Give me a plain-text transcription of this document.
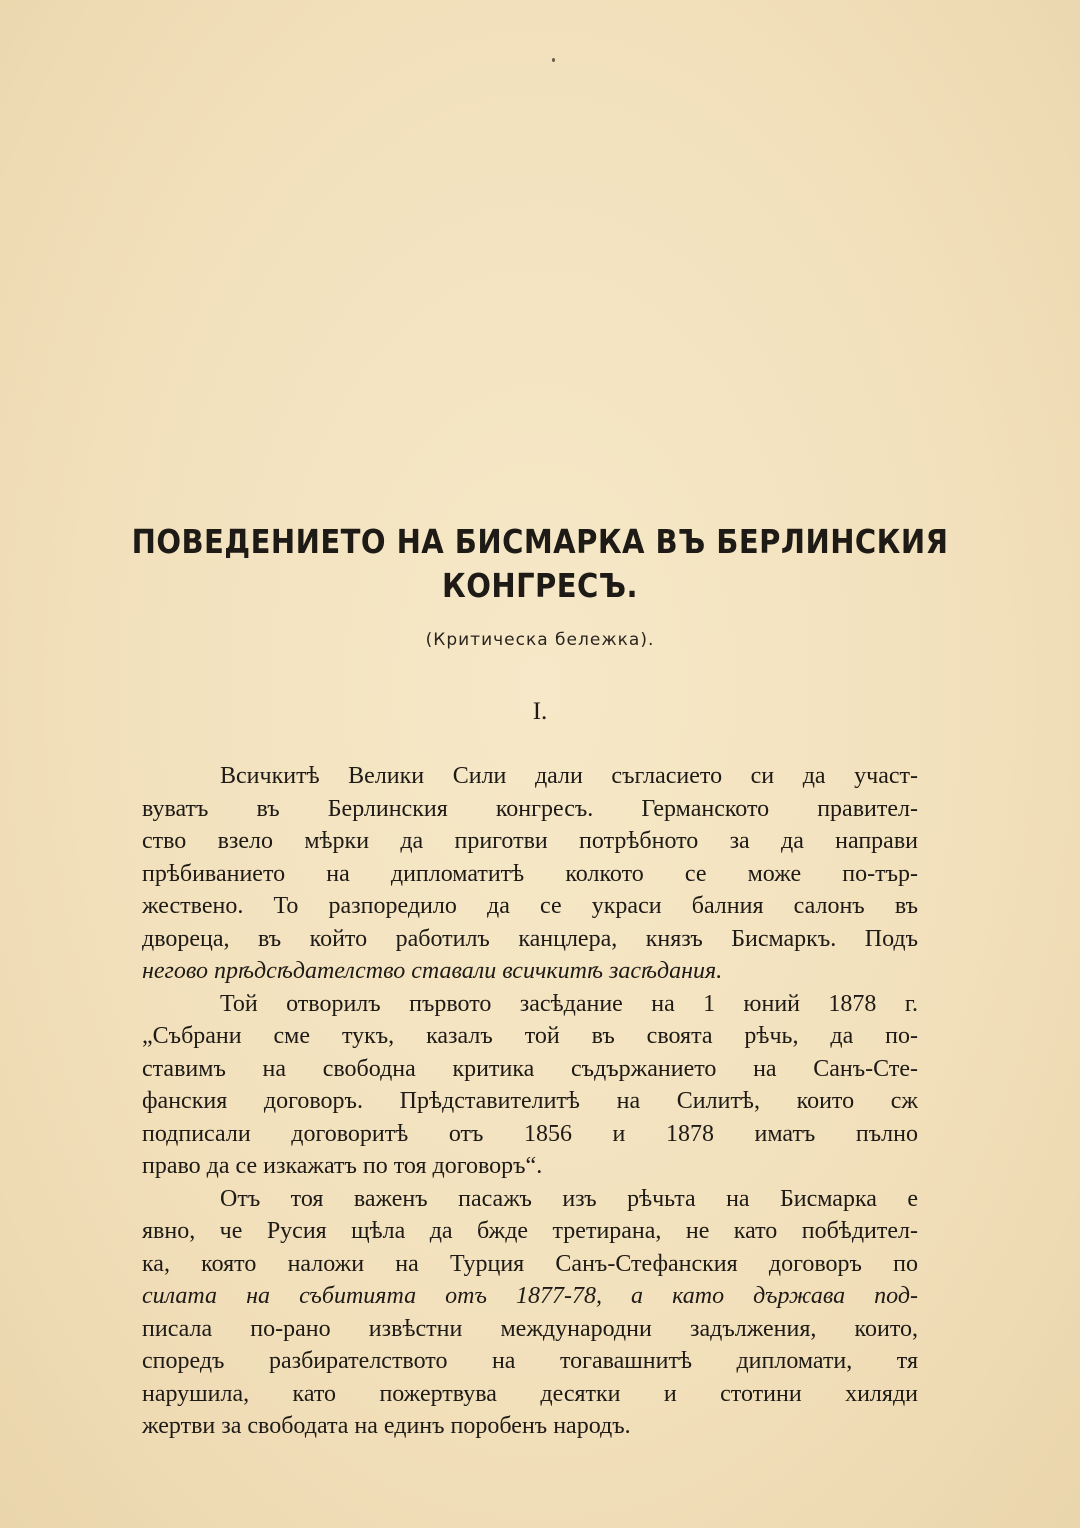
ПОВЕДЕНИЕТО НА БИСМАРКА ВЪ БЕРЛИНСКИЯ
КОНГРЕСЪ.
(Критическа бележка).
I.
Всичкитѣ Велики Сили дали съгласието си да участ-
вуватъ въ Берлинския конгресъ. Германското правител-
ство взело мѣрки да приготви потрѣбното за да направи
прѣбиванието на дипломатитѣ колкото се може по-тър-
жествено. То разпоредило да се украси балния салонъ въ
двореца, въ който работилъ канцлера, князъ Бисмаркъ. Подъ
негово прѣдсѣдателство ставали всичкитѣ засѣдания.
Той отворилъ първото засѣдание на 1 юний 1878 г.
„Събрани сме тукъ, казалъ той въ своята рѣчь, да по-
ставимъ на свободна критика съдържанието на Санъ-Сте-
фанския договоръ. Прѣдставителитѣ на Силитѣ, които сж
подписали договоритѣ отъ 1856 и 1878 иматъ пълно
право да се изкажатъ по тоя договоръ“.
Отъ тоя важенъ пасажъ изъ рѣчьта на Бисмарка е
явно, че Русия щѣла да бжде третирана, не като побѣдител-
ка, която наложи на Турция Санъ-Стефанския договоръ по
силата на събитията отъ 1877-78, а като държава под-
писала по-рано извѣстни международни задължения, които,
споредъ разбирателството на тогавашнитѣ дипломати, тя
нарушила, като пожертвува десятки и стотини хиляди
жертви за свободата на единъ поробенъ народъ.
